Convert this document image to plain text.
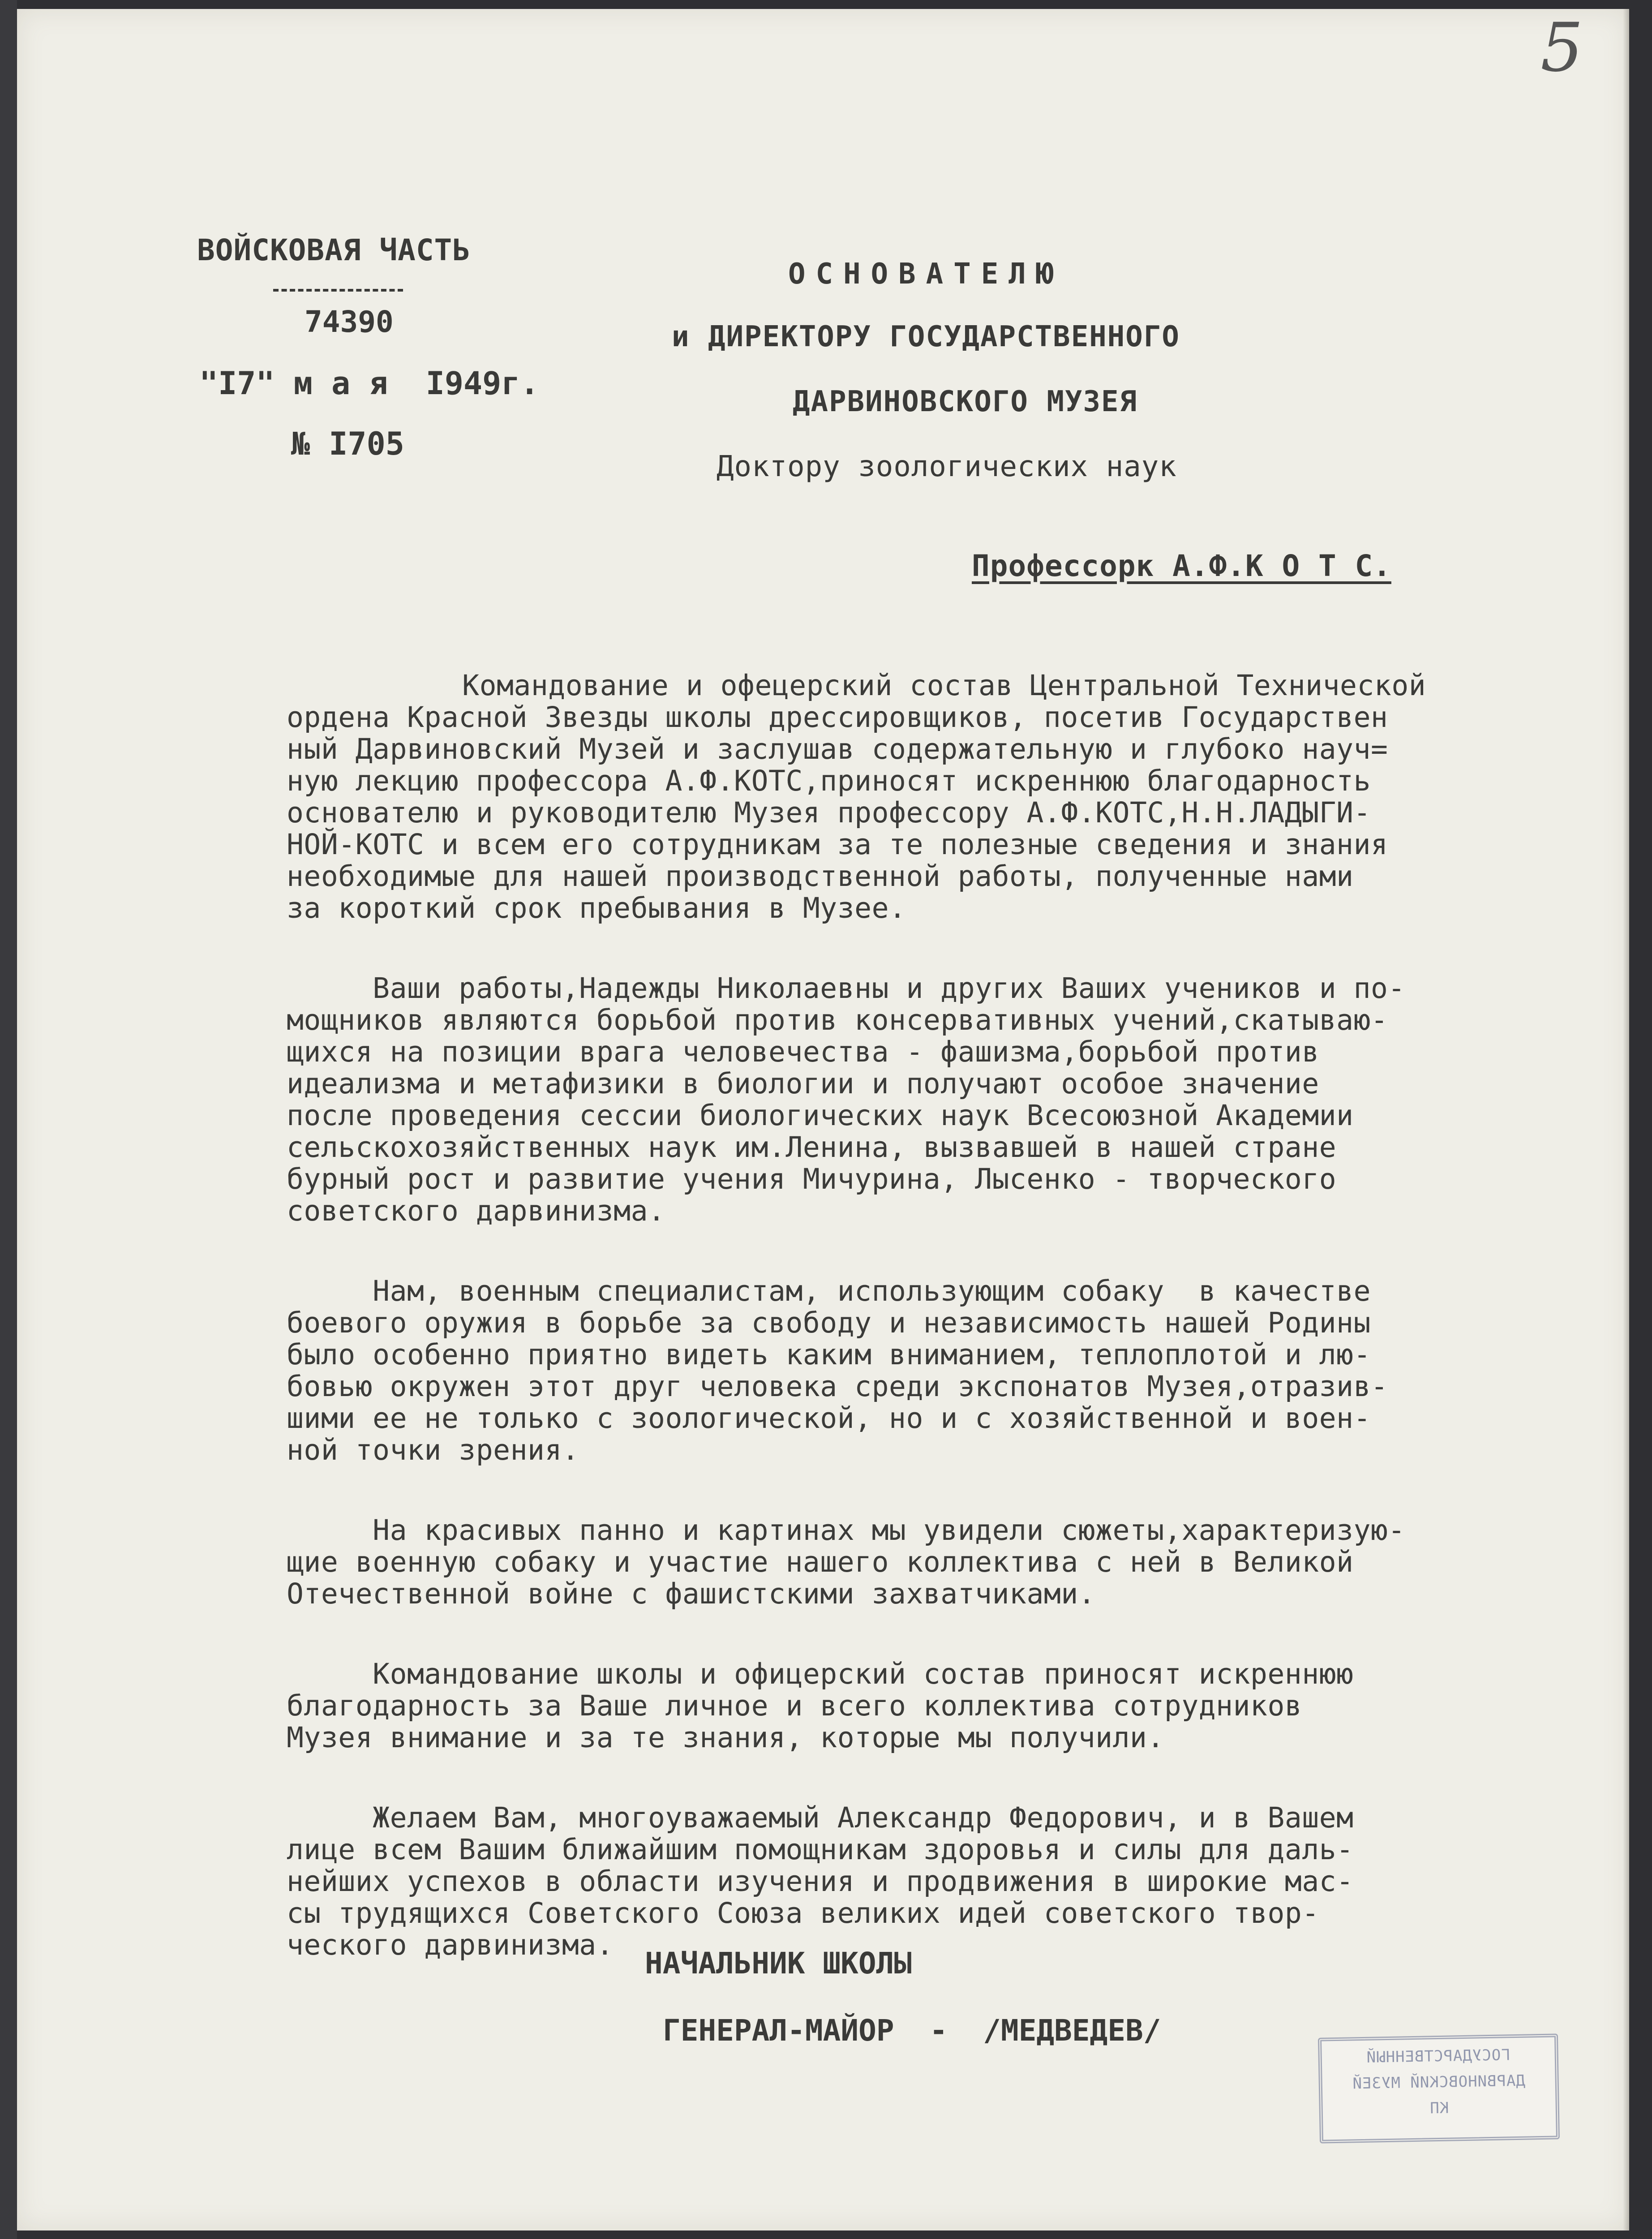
5
ВОЙСКОВАЯ ЧАСТЬ
74390
"I7" м а я  I949г.
№ I705
ОСНОВАТЕЛЮ
и ДИРЕКТОРУ ГОСУДАРСТВЕННОГО
ДАРВИНОВСКОГО МУЗЕЯ
Доктору зоологических наук
Профессорк А.Ф.К О Т С.

Командование и офецерский состав Центральной Технической
ордена Красной Звезды школы дрессировщиков, посетив Государствен
ный Дарвиновский Музей и заслушав содержательную и глубоко науч=
ную лекцию профессора А.Ф.КОТС,приносят искреннюю благодарность
основателю и руководителю Музея профессору А.Ф.КОТС,Н.Н.ЛАДЫГИ-
НОЙ-КОТС и всем его сотрудникам за те полезные сведения и знания
необходимые для нашей производственной работы, полученные нами
за короткий срок пребывания в Музее.

Ваши работы,Надежды Николаевны и других Ваших учеников и по-
мощников являются борьбой против консервативных учений,скатываю-
щихся на позиции врага человечества - фашизма,борьбой против
идеализма и метафизики в биологии и получают особое значение
после проведения сессии биологических наук Всесоюзной Академии
сельскохозяйственных наук им.Ленина, вызвавшей в нашей стране
бурный рост и развитие учения Мичурина, Лысенко - творческого
советского дарвинизма.

Нам, военным специалистам, использующим собаку  в качестве
боевого оружия в борьбе за свободу и независимость нашей Родины
было особенно приятно видеть каким вниманием, теплоплотой и лю-
бовью окружен этот друг человека среди экспонатов Музея,отразив-
шими ее не только с зоологической, но и с хозяйственной и воен-
ной точки зрения.

На красивых панно и картинах мы увидели сюжеты,характеризую-
щие военную собаку и участие нашего коллектива с ней в Великой
Отечественной войне с фашистскими захватчиками.

Командование школы и офицерский состав приносят искреннюю
благодарность за Ваше личное и всего коллектива сотрудников
Музея внимание и за те знания, которые мы получили.

Желаем Вам, многоуважаемый Александр Федорович, и в Вашем
лице всем Вашим ближайшим помощникам здоровья и силы для даль-
нейших успехов в области изучения и продвижения в широкие мас-
сы трудящихся Советского Союза великих идей советского твор-
ческого дарвинизма.

НАЧАЛЬНИК ШКОЛЫ
ГЕНЕРАЛ-МАЙОР  -  /МЕДВЕДЕВ/
ГОСУДАРСТВЕННЫЙ
ДАРВИНОВСКИЙ МУЗЕЙ
КП
